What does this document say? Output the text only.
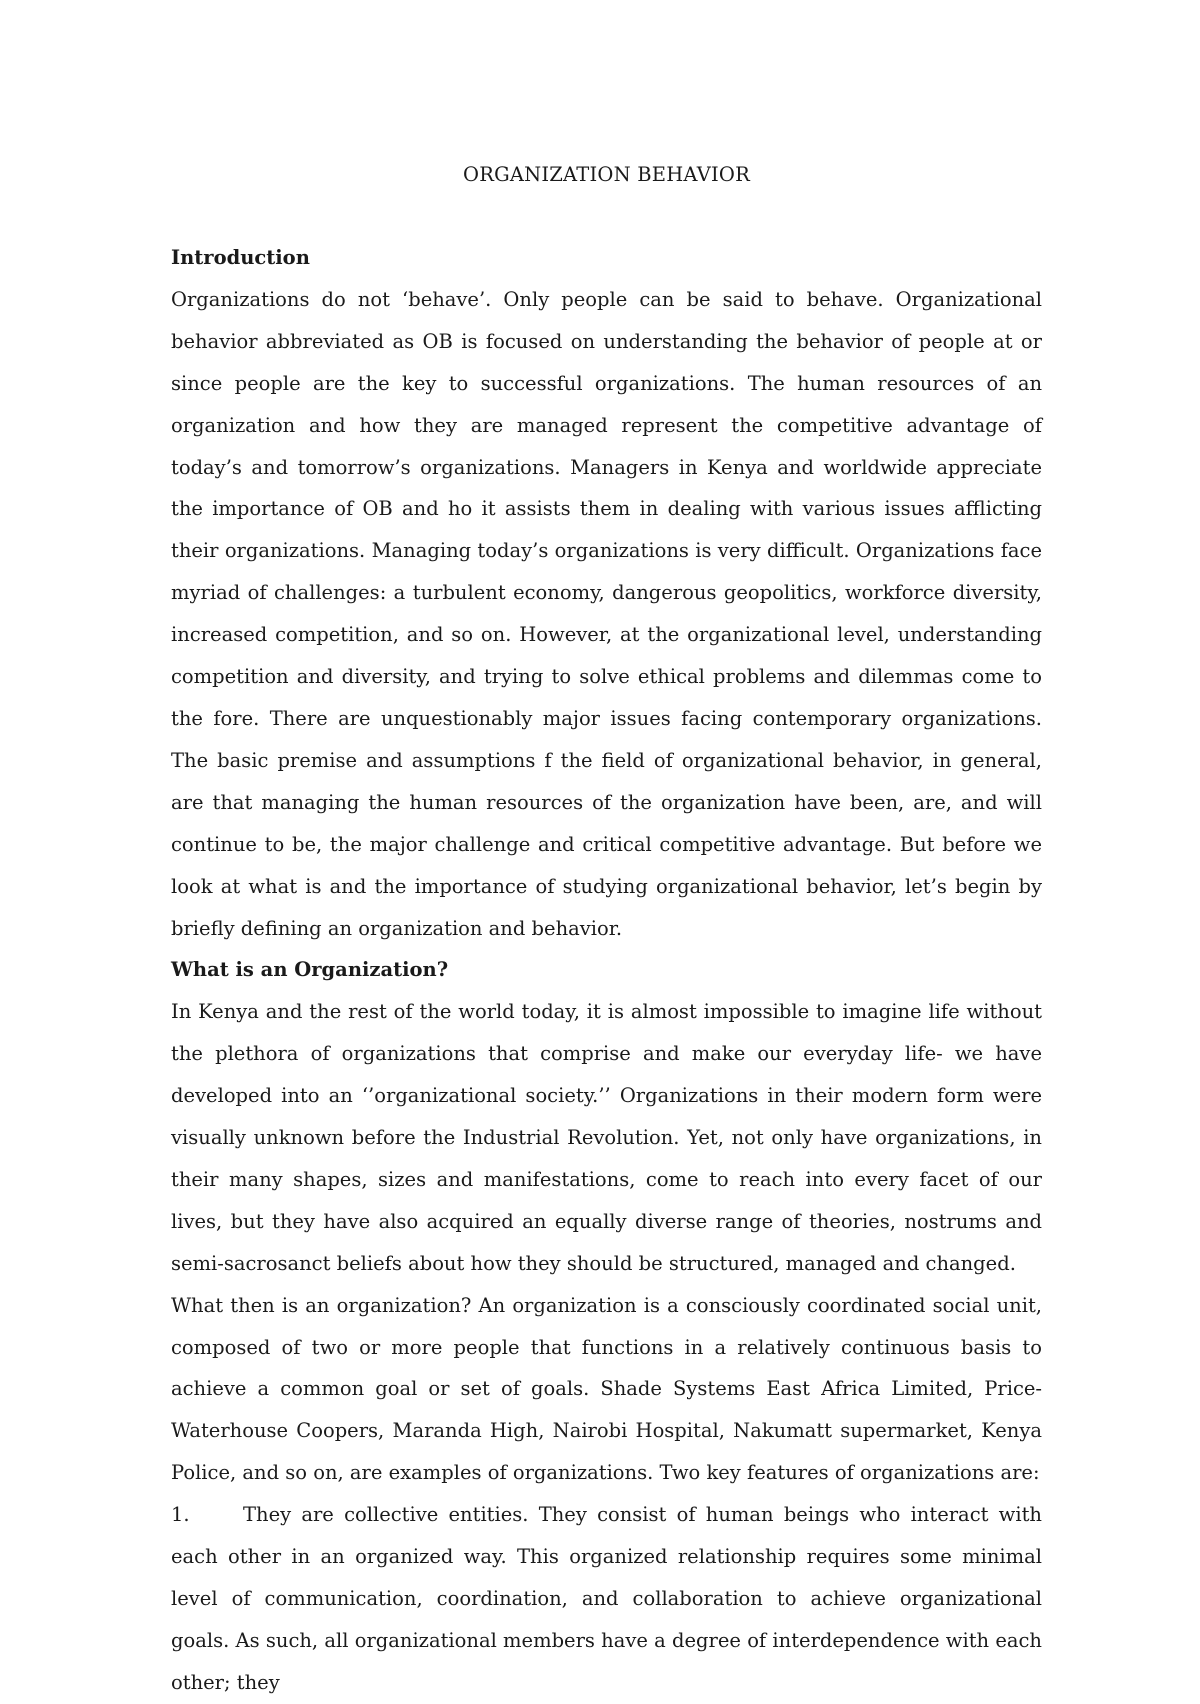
ORGANIZATION BEHAVIOR
Introduction

Organizations do not ‘behave’. Only people can be said to behave. Organizational behavior abbreviated as OB is focused on understanding the behavior of people at or since people are the key to successful organizations. The human resources of an organization and how they are managed represent the competitive advantage of today’s and tomorrow’s organizations. Managers in Kenya and worldwide appreciate the importance of OB and ho it assists them in dealing with various issues afflicting their organizations. Managing today’s organizations is very difficult. Organizations face myriad of challenges: a turbulent economy, dangerous geopolitics, workforce diversity, increased competition, and so on. However, at the organizational level, understanding competition and diversity, and trying to solve ethical problems and dilemmas come to the fore. There are unquestionably major issues facing contemporary organizations. The basic premise and assumptions f the field of organizational behavior, in general, are that managing the human resources of the organization have been, are, and will continue to be, the major challenge and critical competitive advantage. But before we look at what is and the importance of studying organizational behavior, let’s begin by briefly defining an organization and behavior.

What is an Organization?

In Kenya and the rest of the world today, it is almost impossible to imagine life without the plethora of organizations that comprise and make our everyday life- we have developed into an ‘’organizational society.’’ Organizations in their modern form were visually unknown before the Industrial Revolution. Yet, not only have organizations, in their many shapes, sizes and manifestations, come to reach into every facet of our lives, but they have also acquired an equally diverse range of theories, nostrums and semi-sacrosanct beliefs about how they should be structured, managed and changed.

What then is an organization? An organization is a consciously coordinated social unit, composed of two or more people that functions in a relatively continuous basis to achieve a common goal or set of goals. Shade Systems East Africa Limited, Price-Waterhouse Coopers, Maranda High, Nairobi Hospital, Nakumatt supermarket, Kenya Police, and so on, are examples of organizations. Two key features of organizations are:

1.	They are collective entities. They consist of human beings who interact with each other in an organized way. This organized relationship requires some minimal level of communication, coordination, and collaboration to achieve organizational goals. As such, all organizational members have a degree of interdependence with each other; they
